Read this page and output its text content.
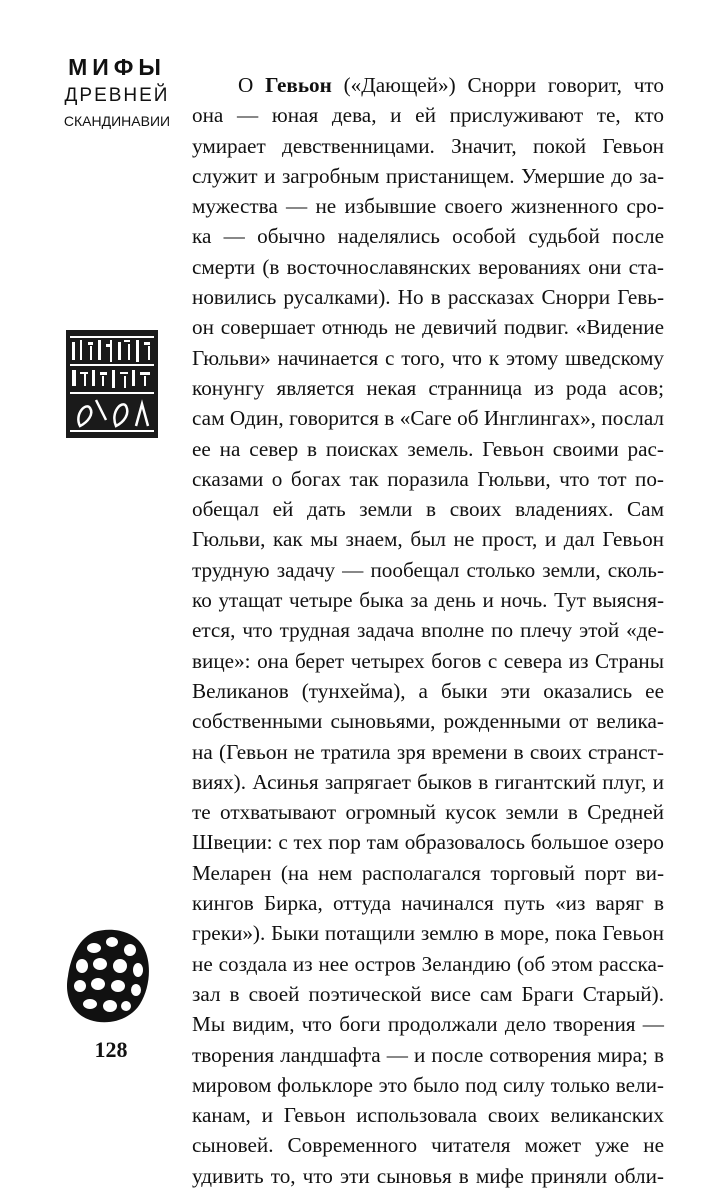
МИФЫ
ДРЕВНЕЙ
СКАНДИНАВИИ
О Гевьон («Дающей») Снорри говорит, что
она — юная дева, и ей прислуживают те, кто
умирает девственницами. Значит, покой Гевьон
служит и загробным пристанищем. Умершие до за-
мужества — не избывшие своего жизненного сро-
ка — обычно наделялись особой судьбой после
смерти (в восточнославянских верованиях они ста-
новились русалками). Но в рассказах Снорри Гевь-
он совершает отнюдь не девичий подвиг. «Видение
Гюльви» начинается с того, что к этому шведскому
конунгу является некая странница из рода асов;
сам Один, говорится в «Саге об Инглингах», послал
ее на север в поисках земель. Гевьон своими рас-
сказами о богах так поразила Гюльви, что тот по-
обещал ей дать земли в своих владениях. Сам
Гюльви, как мы знаем, был не прост, и дал Гевьон
трудную задачу — пообещал столько земли, сколь-
ко утащат четыре быка за день и ночь. Тут выясня-
ется, что трудная задача вполне по плечу этой «де-
вице»: она берет четырех богов с севера из Страны
Великанов (тунхейма), а быки эти оказались ее
собственными сыновьями, рожденными от велика-
на (Гевьон не тратила зря времени в своих странст-
виях). Асинья запрягает быков в гигантский плуг, и
те отхватывают огромный кусок земли в Средней
Швеции: с тех пор там образовалось большое озеро
Меларен (на нем располагался торговый порт ви-
кингов Бирка, оттуда начинался путь «из варяг в
греки»). Быки потащили землю в море, пока Гевьон
не создала из нее остров Зеландию (об этом расска-
зал в своей поэтической висе сам Браги Старый).
Мы видим, что боги продолжали дело творения —
творения ландшафта — и после сотворения мира; в
мировом фольклоре это было под силу только вели-
канам, и Гевьон использовала своих великанских
сыновей. Современного читателя может уже не
удивить то, что эти сыновья в мифе приняли обли-
128
